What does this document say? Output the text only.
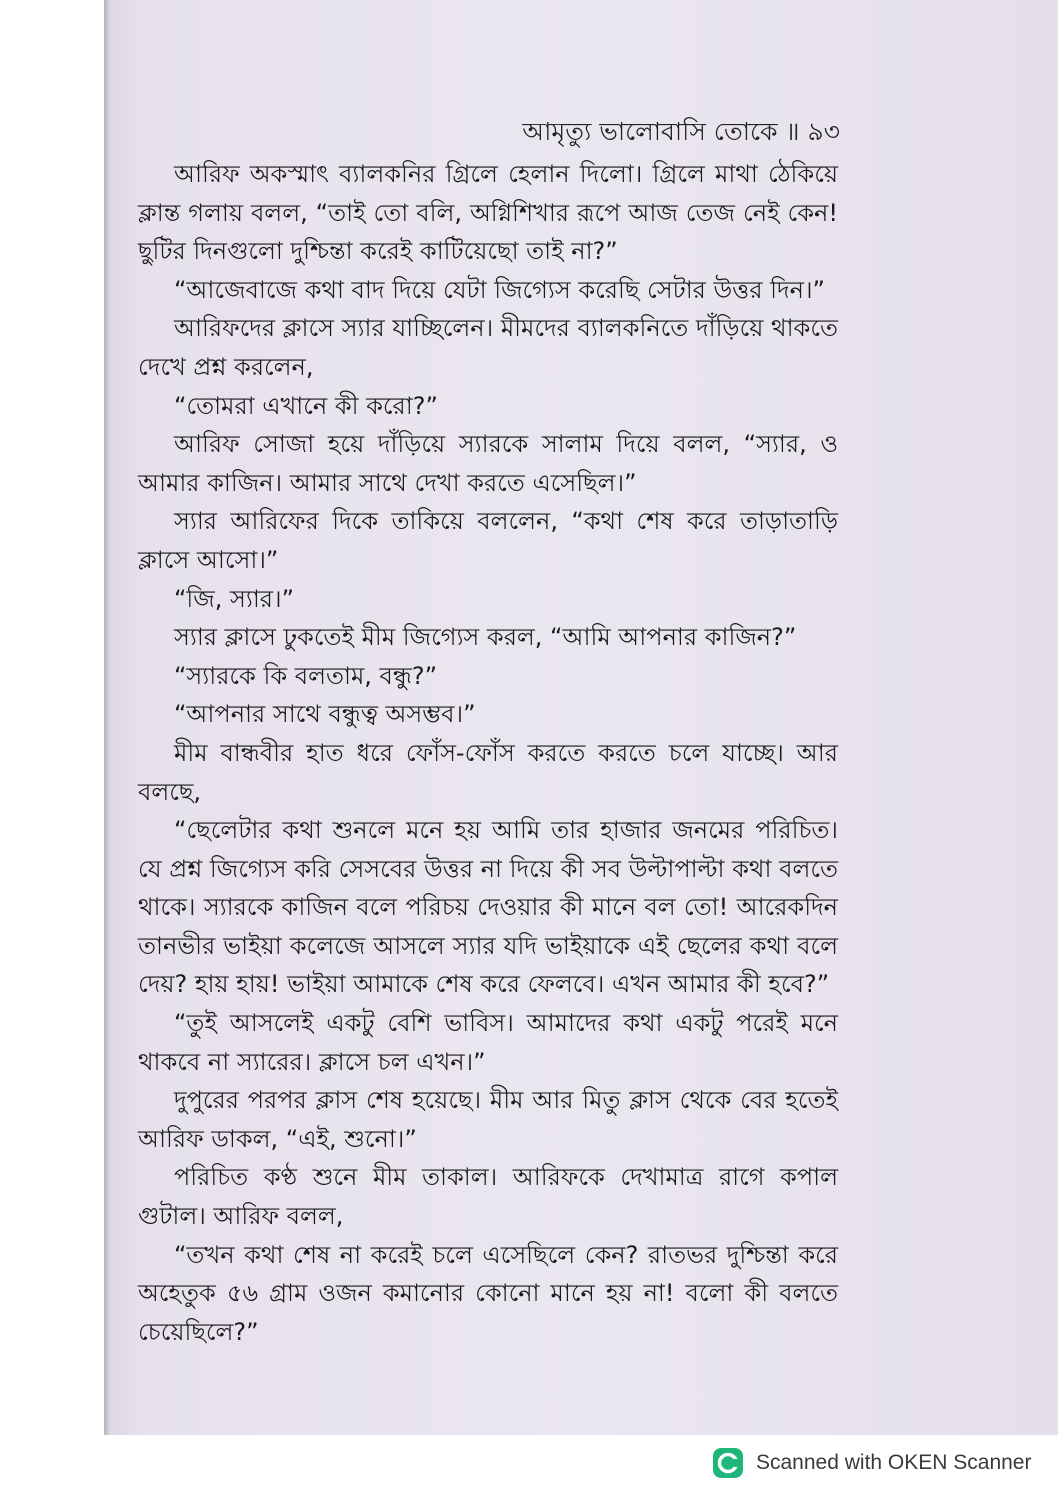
আমৃত্যু ভালোবাসি তোকে ॥ ৯৩

আরিফ অকস্মাৎ ব্যালকনির গ্রিলে হেলান দিলো। গ্রিলে মাথা ঠেকিয়ে ক্লান্ত গলায় বলল, “তাই তো বলি, অগ্নিশিখার রূপে আজ তেজ নেই কেন! ছুটির দিনগুলো দুশ্চিন্তা করেই কাটিয়েছো তাই না?”

“আজেবাজে কথা বাদ দিয়ে যেটা জিগ্যেস করেছি সেটার উত্তর দিন।”

আরিফদের ক্লাসে স্যার যাচ্ছিলেন। মীমদের ব্যালকনিতে দাঁড়িয়ে থাকতে দেখে প্রশ্ন করলেন,

“তোমরা এখানে কী করো?”

আরিফ সোজা হয়ে দাঁড়িয়ে স্যারকে সালাম দিয়ে বলল, “স্যার, ও আমার কাজিন। আমার সাথে দেখা করতে এসেছিল।”

স্যার আরিফের দিকে তাকিয়ে বললেন, “কথা শেষ করে তাড়াতাড়ি ক্লাসে আসো।”

“জি, স্যার।”

স্যার ক্লাসে ঢুকতেই মীম জিগ্যেস করল, “আমি আপনার কাজিন?”

“স্যারকে কি বলতাম, বন্ধু?”

“আপনার সাথে বন্ধুত্ব অসম্ভব।”

মীম বান্ধবীর হাত ধরে ফোঁস-ফোঁস করতে করতে চলে যাচ্ছে। আর বলছে,

“ছেলেটার কথা শুনলে মনে হয় আমি তার হাজার জনমের পরিচিত। যে প্রশ্ন জিগ্যেস করি সেসবের উত্তর না দিয়ে কী সব উল্টাপাল্টা কথা বলতে থাকে। স্যারকে কাজিন বলে পরিচয় দেওয়ার কী মানে বল তো! আরেকদিন তানভীর ভাইয়া কলেজে আসলে স্যার যদি ভাইয়াকে এই ছেলের কথা বলে দেয়? হায় হায়! ভাইয়া আমাকে শেষ করে ফেলবে। এখন আমার কী হবে?”

“তুই আসলেই একটু বেশি ভাবিস। আমাদের কথা একটু পরেই মনে থাকবে না স্যারের। ক্লাসে চল এখন।”

দুপুরের পরপর ক্লাস শেষ হয়েছে। মীম আর মিতু ক্লাস থেকে বের হতেই আরিফ ডাকল, “এই, শুনো।”

পরিচিত কণ্ঠ শুনে মীম তাকাল। আরিফকে দেখামাত্র রাগে কপাল গুটাল। আরিফ বলল,

“তখন কথা শেষ না করেই চলে এসেছিলে কেন? রাতভর দুশ্চিন্তা করে অহেতুক ৫৬ গ্রাম ওজন কমানোর কোনো মানে হয় না! বলো কী বলতে চেয়েছিলে?”

Scanned with OKEN Scanner
